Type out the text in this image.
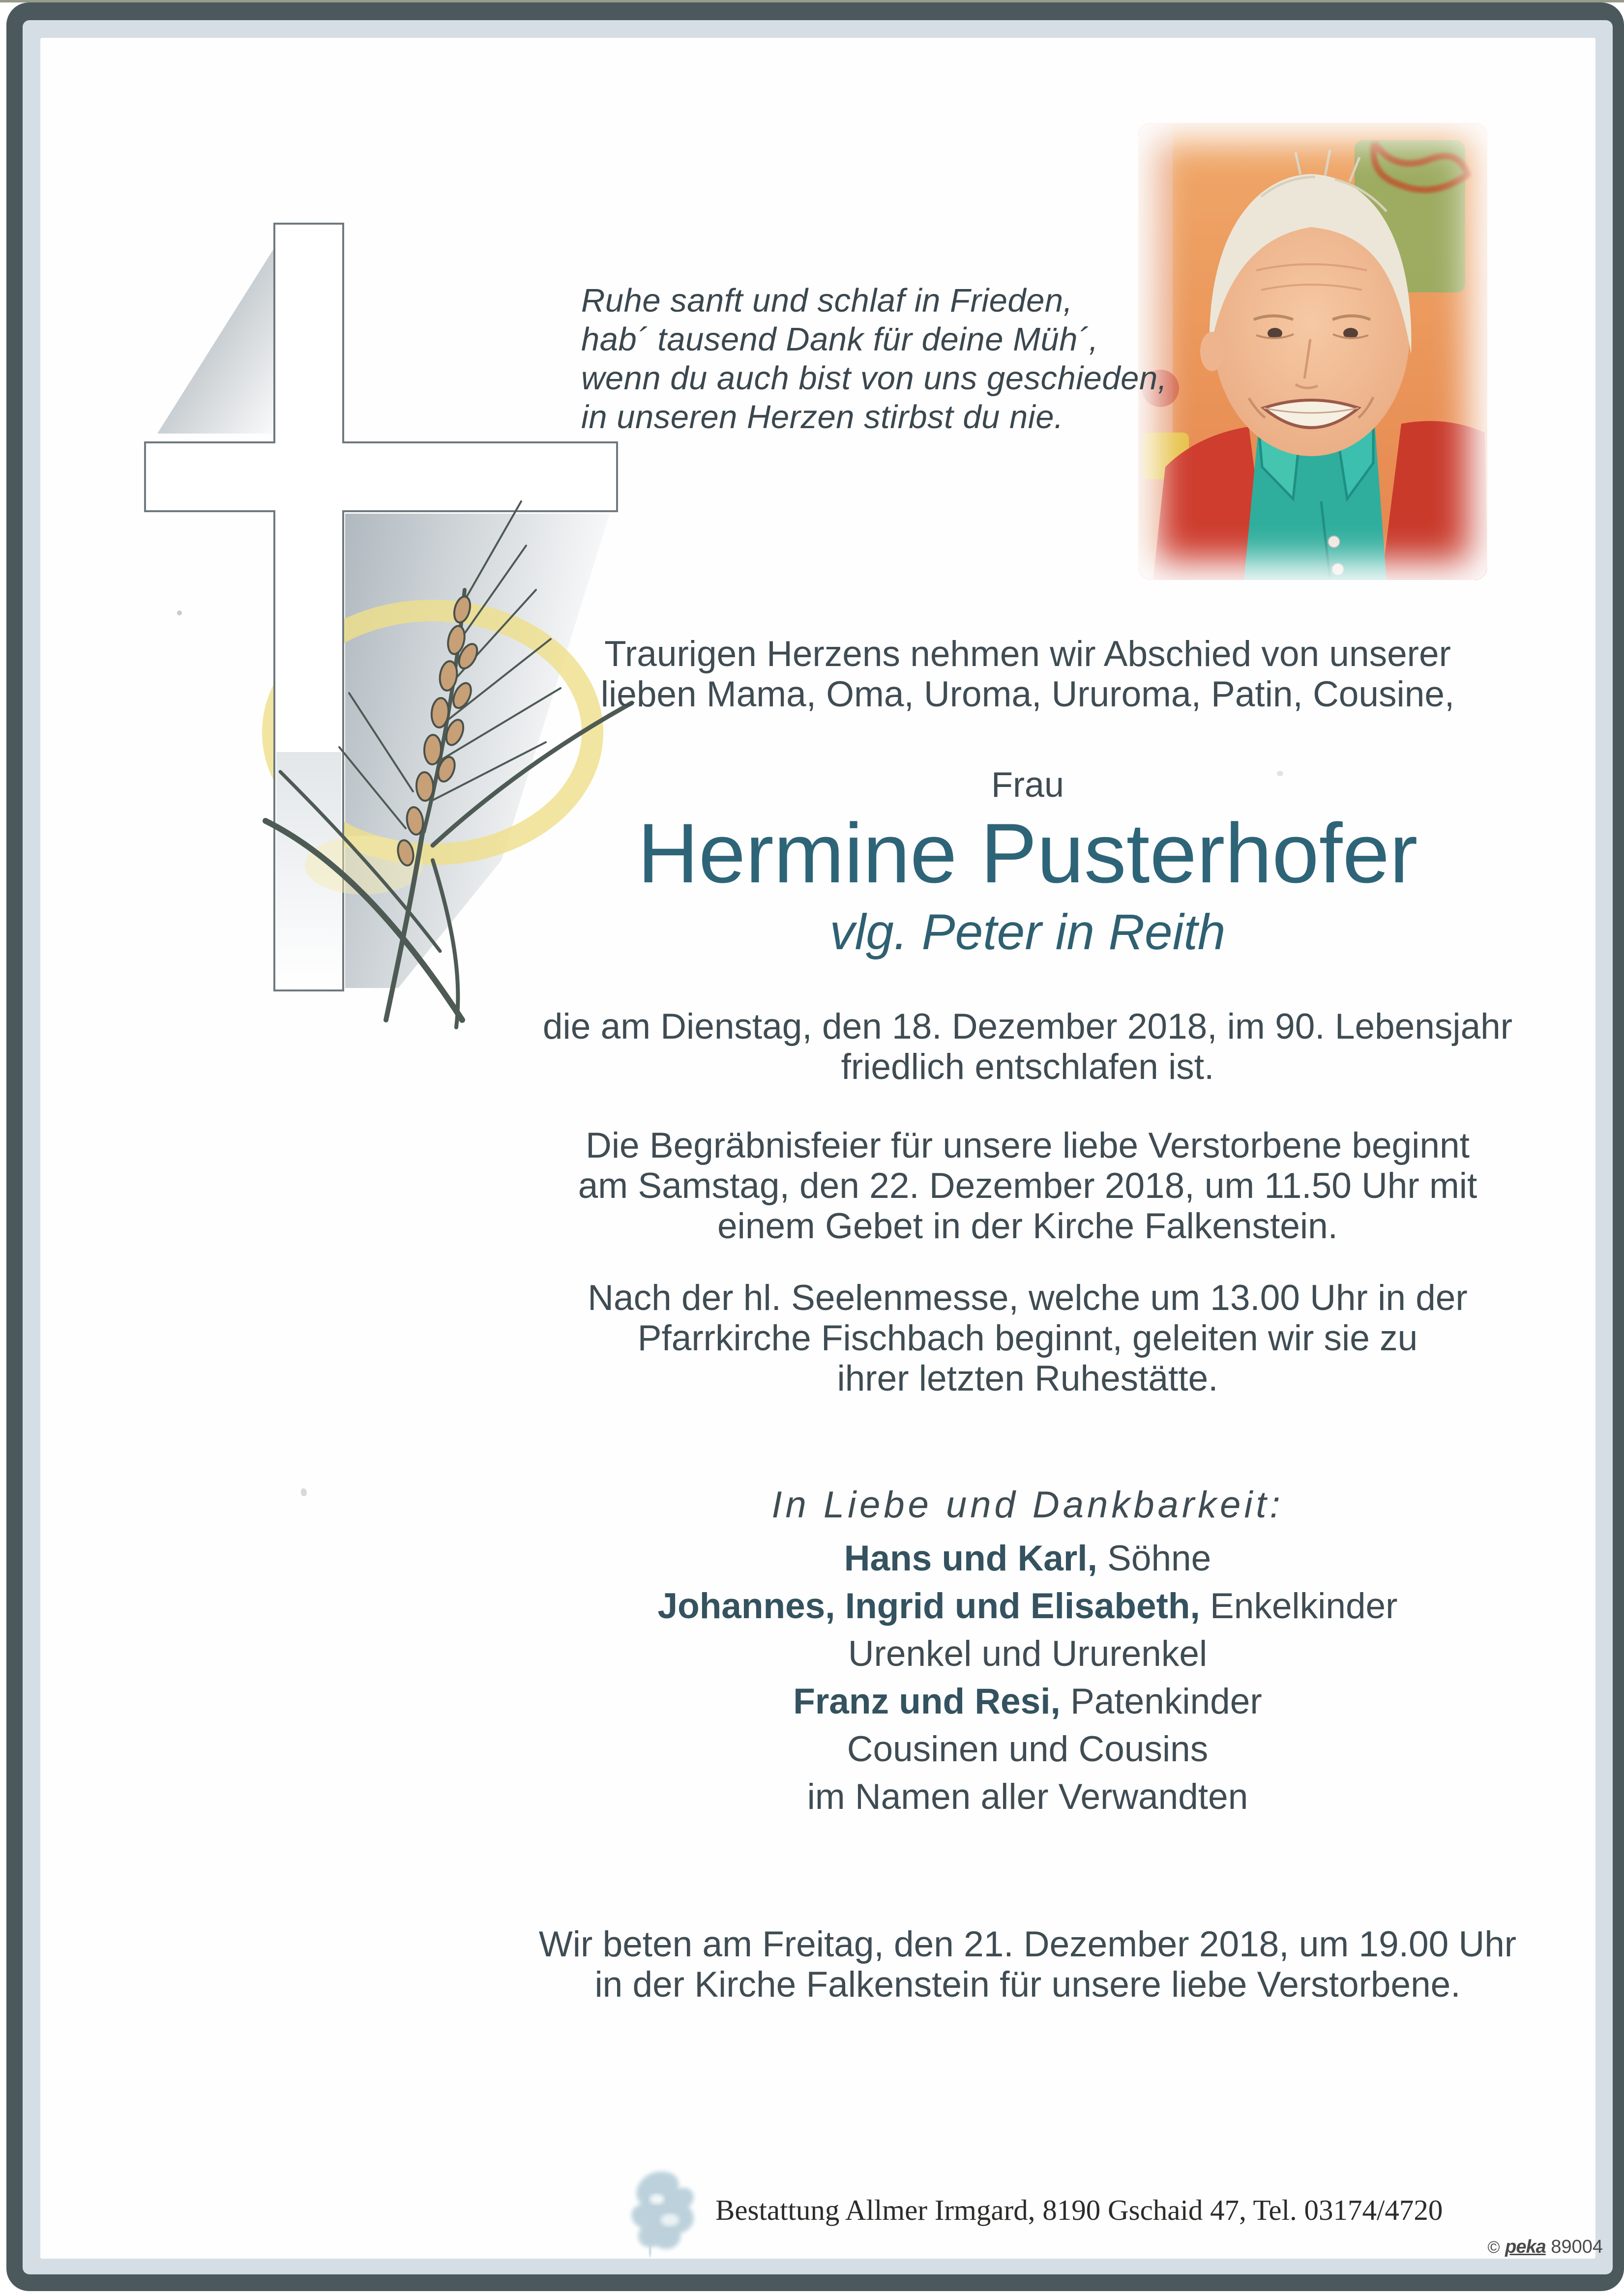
Ruhe sanft und schlaf in Frieden,
hab´ tausend Dank für deine Müh´,
wenn du auch bist von uns geschieden,
in unseren Herzen stirbst du nie.
Traurigen Herzens nehmen wir Abschied von unserer
lieben Mama, Oma, Uroma, Ururoma, Patin, Cousine,
Frau
Hermine Pusterhofer
vlg. Peter in Reith
die am Dienstag, den 18. Dezember 2018, im 90. Lebensjahr
friedlich entschlafen ist.
Die Begräbnisfeier für unsere liebe Verstorbene beginnt
am Samstag, den 22. Dezember 2018, um 11.50 Uhr mit
einem Gebet in der Kirche Falkenstein.
Nach der hl. Seelenmesse, welche um 13.00 Uhr in der
Pfarrkirche Fischbach beginnt, geleiten wir sie zu
ihrer letzten Ruhestätte.
In Liebe und Dankbarkeit:
Hans und Karl, Söhne
Johannes, Ingrid und Elisabeth, Enkelkinder
Urenkel und Ururenkel
Franz und Resi, Patenkinder
Cousinen und Cousins
im Namen aller Verwandten
Wir beten am Freitag, den 21. Dezember 2018, um 19.00 Uhr
in der Kirche Falkenstein für unsere liebe Verstorbene.
Bestattung Allmer Irmgard, 8190 Gschaid 47, Tel. 03174/4720
© peka 89004
